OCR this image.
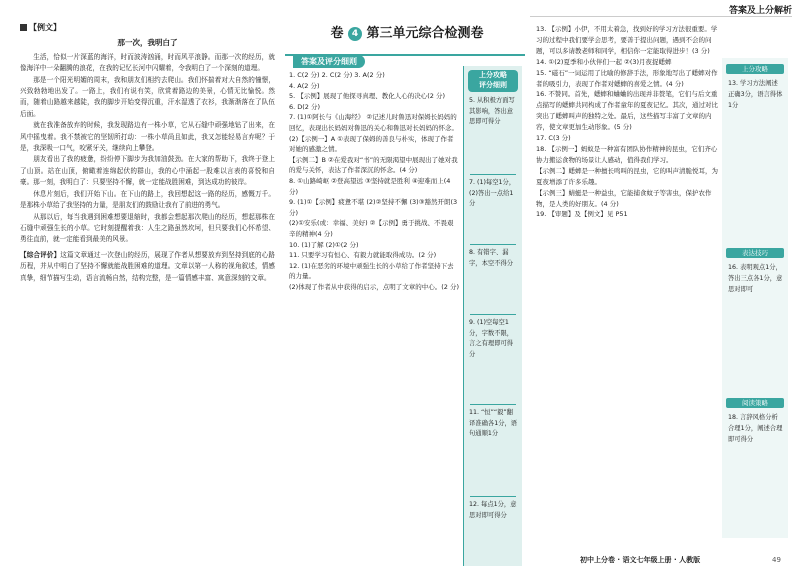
答案及上分解析
【例文】
那一次，我明白了

生活，恰似一片深蓝的海洋，时而波涛汹涌，时而风平浪静。而那一次的经历，就像海洋中一朵翻腾的浪花，在我的记忆长河中闪耀着，令我明白了一个深刻的道理。

那是一个阳光明媚的周末，我和朋友们相约去爬山。我们怀揣着对大自然的憧憬，兴致勃勃地出发了。一路上，我们有说有笑，欣赏着路边的美景，心情无比愉悦。然而，随着山路越来越陡，我的脚步开始变得沉重，汗水湿透了衣衫，我渐渐落在了队伍后面。

就在我准备放弃的时候，我发现路边有一株小草，它从石缝中顽强地钻了出来，在风中摇曳着。我不禁被它的坚韧所打动：一株小草尚且如此，我又怎能轻易言弃呢？于是，我深吸一口气，咬紧牙关，继续向上攀登。

朋友看出了我的疲惫，纷纷停下脚步为我加油鼓劲。在大家的帮助下，我终于登上了山顶。站在山顶，俯瞰着连绵起伏的群山，我的心中涌起一股难以言表的喜悦和自豪。那一刻，我明白了：只要坚持不懈，就一定能战胜困难，到达成功的彼岸。

休息片刻后，我们开始下山。在下山的路上，我回想起这一路的经历，感慨万千。是那株小草给了我坚持的力量，是朋友们的鼓励让我有了前进的勇气。

从那以后，每当我遇到困难想要退缩时，我都会想起那次爬山的经历，想起那株在石缝中顽强生长的小草。它时刻提醒着我：人生之路虽然坎坷，但只要我们心怀希望、勇往直前，就一定能看到最美的风景。

【综合评价】这篇文章通过一次登山的经历，展现了作者从想要放弃到坚持到底的心路历程，并从中明白了坚持不懈就能战胜困难的道理。文章以第一人称的视角叙述，情感真挚，细节描写生动，语言流畅自然，结构完整，是一篇情感丰富、寓意深刻的文章。

卷 4 第三单元综合检测卷
答案及评分细则
1. C(2 分) 2. C(2 分) 3. A(2 分)
4. A(2 分)
5. 【示例】展现了他探寻真理、教化人心的决心(2 分)
6. D(2 分)
7. (1)①阿长与《山海经》 ②记述儿时鲁迅对保姆长妈妈的回忆，表现出长妈妈对鲁迅的关心和鲁迅对长妈妈的怀念。
(2)【示例一】A ①表现了保姆的善良与朴实，体现了作者对她的感激之情。
【示例二】B ②在爱我对“书”的无限渴望中展现出了她对我的爱与关怀，表达了作者深沉的怀念。(4 分)
8. ①山路崎岖 ②登高望远 ③坚持就是胜利 ④迎难而上(4 分)
9. (1)①【示例】疲惫不堪 (2)②坚持不懈 (3)③豁然开朗(3 分)
(2)①安乐(或：幸福、美好) ②【示例】勇于挑战、不畏艰辛的精神(4 分)
10. (1)了解 (2)①(2 分)
11. 只要学习有恒心、有毅力就能取得成功。(2 分)
12. (1)在恶劣的环境中顽强生长的小草给了作者坚持下去的力量。
(2)体现了作者从中获得的启示，点明了文章的中心。(2 分)
上分攻略
评分细则
5. 从积极方面写其影响，答出意思即可得分
7. (1)每空1分，(2)答出一点给1分
8. 有错字、漏字，本空不得分
9. (1)空每空1分，字数不限，言之有理即可得分
11. “恒”“毅”翻译准确各1分，语句通顺1分
12. 每点1分，意思对即可得分
13. 【示例】小伊，不用太着急，找到好的学习方法很重要。学习的过程中我们要学会思考，要善于提出问题，遇到不会的问题，可以多请教老师和同学，相信你一定能取得进步！(3 分)
14. ①(2)夏季和小伙伴们一起 ②(3)月夜捉蟋蟀
15. “磁石”一词运用了比喻的修辞手法，形象地写出了蟋蟀对作者的吸引力，表现了作者对蟋蟀的喜爱之情。(4 分)
16. 不赞同。首先，蟋蟀和蛐蛐的出现并非赘笔，它们与后文重点描写的蟋蟀共同构成了作者童年的夏夜记忆。其次，通过对比突出了蟋蟀叫声的独特之处。最后，这些描写丰富了文章的内容，使文章更加生动形象。(5 分)
17. C(3 分)
18. 【示例一】蚂蚁是一种富有团队协作精神的昆虫，它们齐心协力搬运食物的场景让人感动，值得我们学习。
【示例二】蟋蟀是一种擅长鸣叫的昆虫，它的叫声清脆悦耳，为夏夜增添了许多乐趣。
【示例三】蜻蜓是一种益虫，它能捕食蚊子等害虫，保护农作物，是人类的好朋友。(4 分)
19. 【审题】及【例文】见 P51
上分攻略
13. 学习方法阐述正确3分，语言得体1分
表达技巧
16. 表明观点1分，答出三点各1分，意思对即可
阅读策略
18. 言辞风格分析合理1分，阐述合理即可得分
初中上分卷 · 语文七年级上册 · 人教版	49
